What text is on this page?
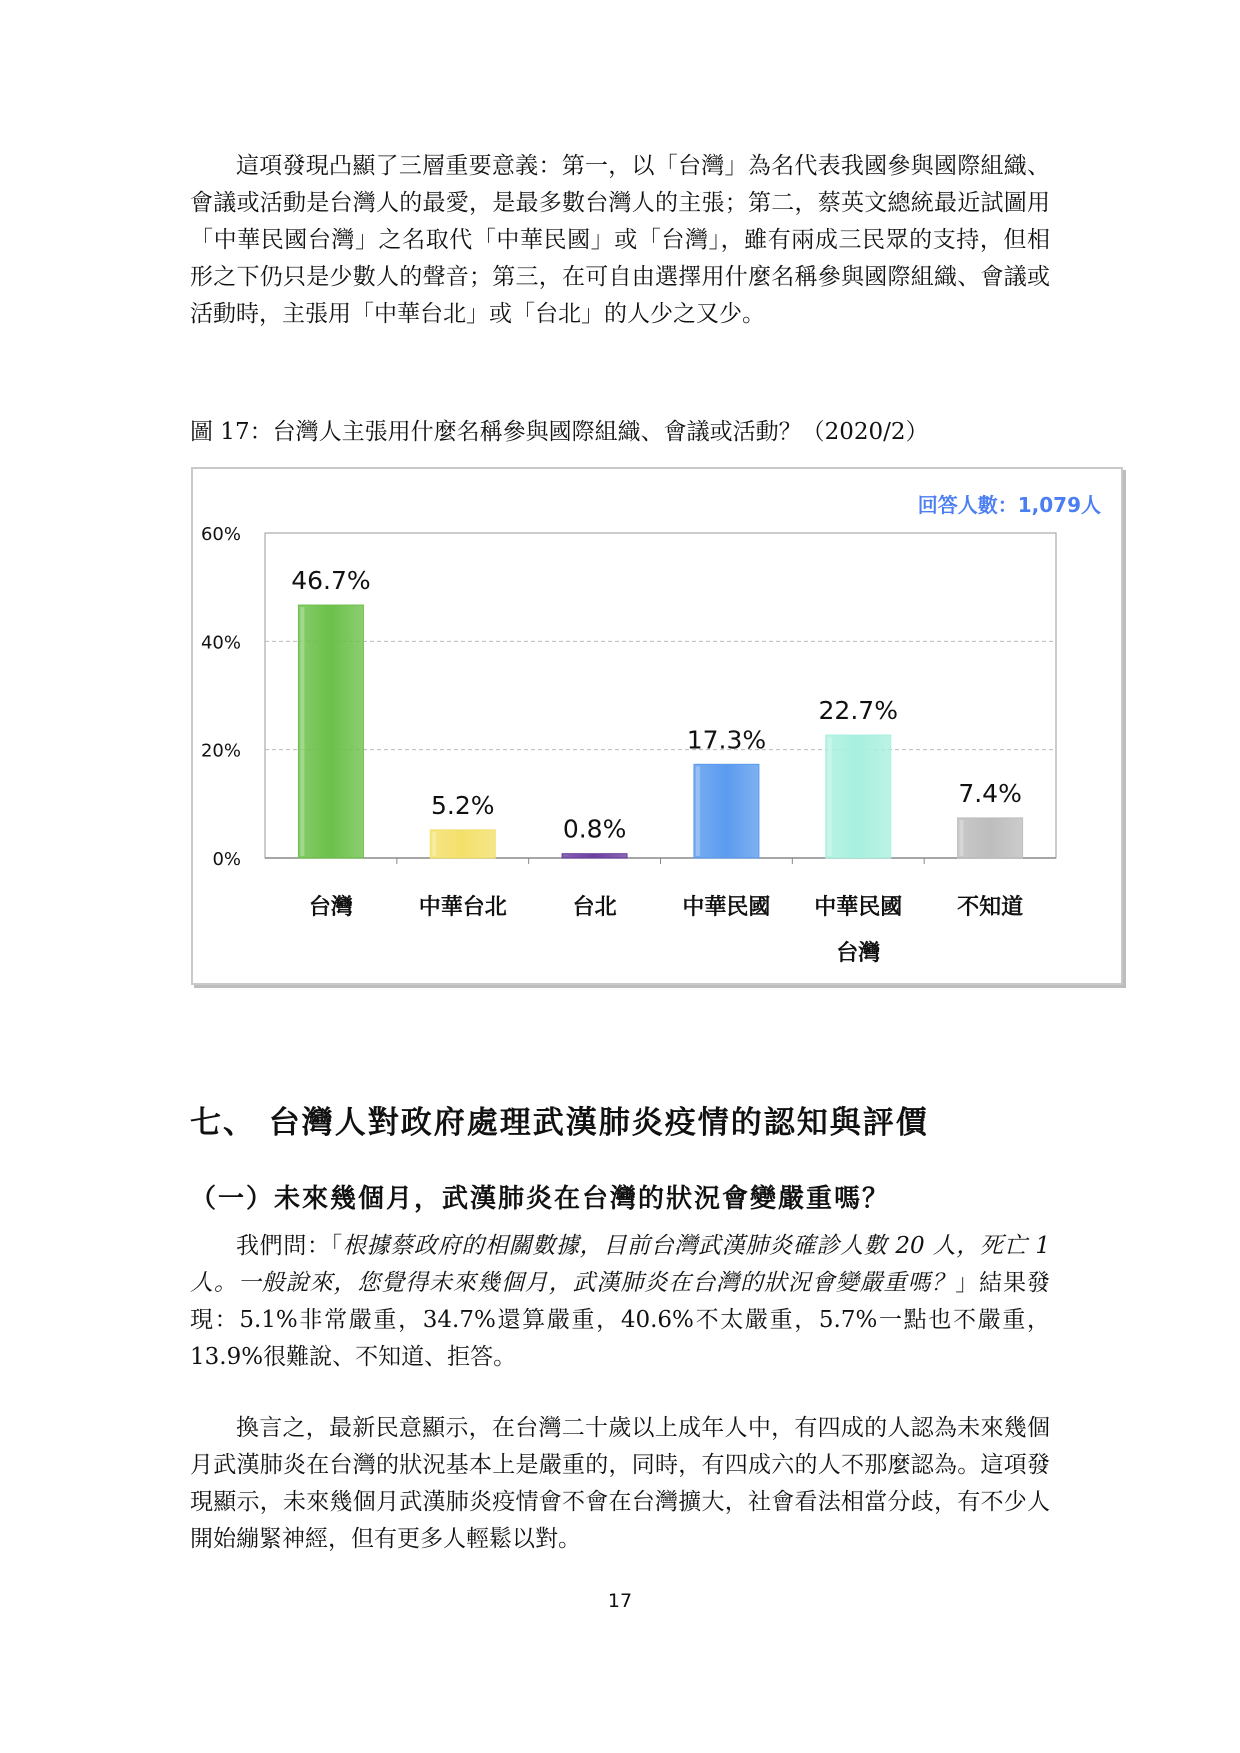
這項發現凸顯了三層重要意義：第一，以「台灣」為名代表我國參與國際組織、會議或活動是台灣人的最愛，是最多數台灣人的主張；第二，蔡英文總統最近試圖用「中華民國台灣」之名取代「中華民國」或「台灣」，雖有兩成三民眾的支持，但相形之下仍只是少數人的聲音；第三，在可自由選擇用什麼名稱參與國際組織、會議或活動時，主張用「中華台北」或「台北」的人少之又少。

圖 17：台灣人主張用什麼名稱參與國際組織、會議或活動？（2020/2）
回答人數：1,079人
0%
20%
40%
60%
46.7%
台灣
5.2%
中華台北
0.8%
台北
17.3%
中華民國
22.7%
中華民國台灣
7.4%
不知道
七、 台灣人對政府處理武漢肺炎疫情的認知與評價
（一）未來幾個月，武漢肺炎在台灣的狀況會變嚴重嗎？

我們問：「根據蔡政府的相關數據，目前台灣武漢肺炎確診人數 20 人，死亡 1 人。一般說來，您覺得未來幾個月，武漢肺炎在台灣的狀況會變嚴重嗎？」結果發現：5.1%非常嚴重，34.7%還算嚴重，40.6%不太嚴重，5.7%一點也不嚴重，13.9%很難說、不知道、拒答。

換言之，最新民意顯示，在台灣二十歲以上成年人中，有四成的人認為未來幾個月武漢肺炎在台灣的狀況基本上是嚴重的，同時，有四成六的人不那麼認為。這項發現顯示，未來幾個月武漢肺炎疫情會不會在台灣擴大，社會看法相當分歧，有不少人開始繃緊神經，但有更多人輕鬆以對。

17
